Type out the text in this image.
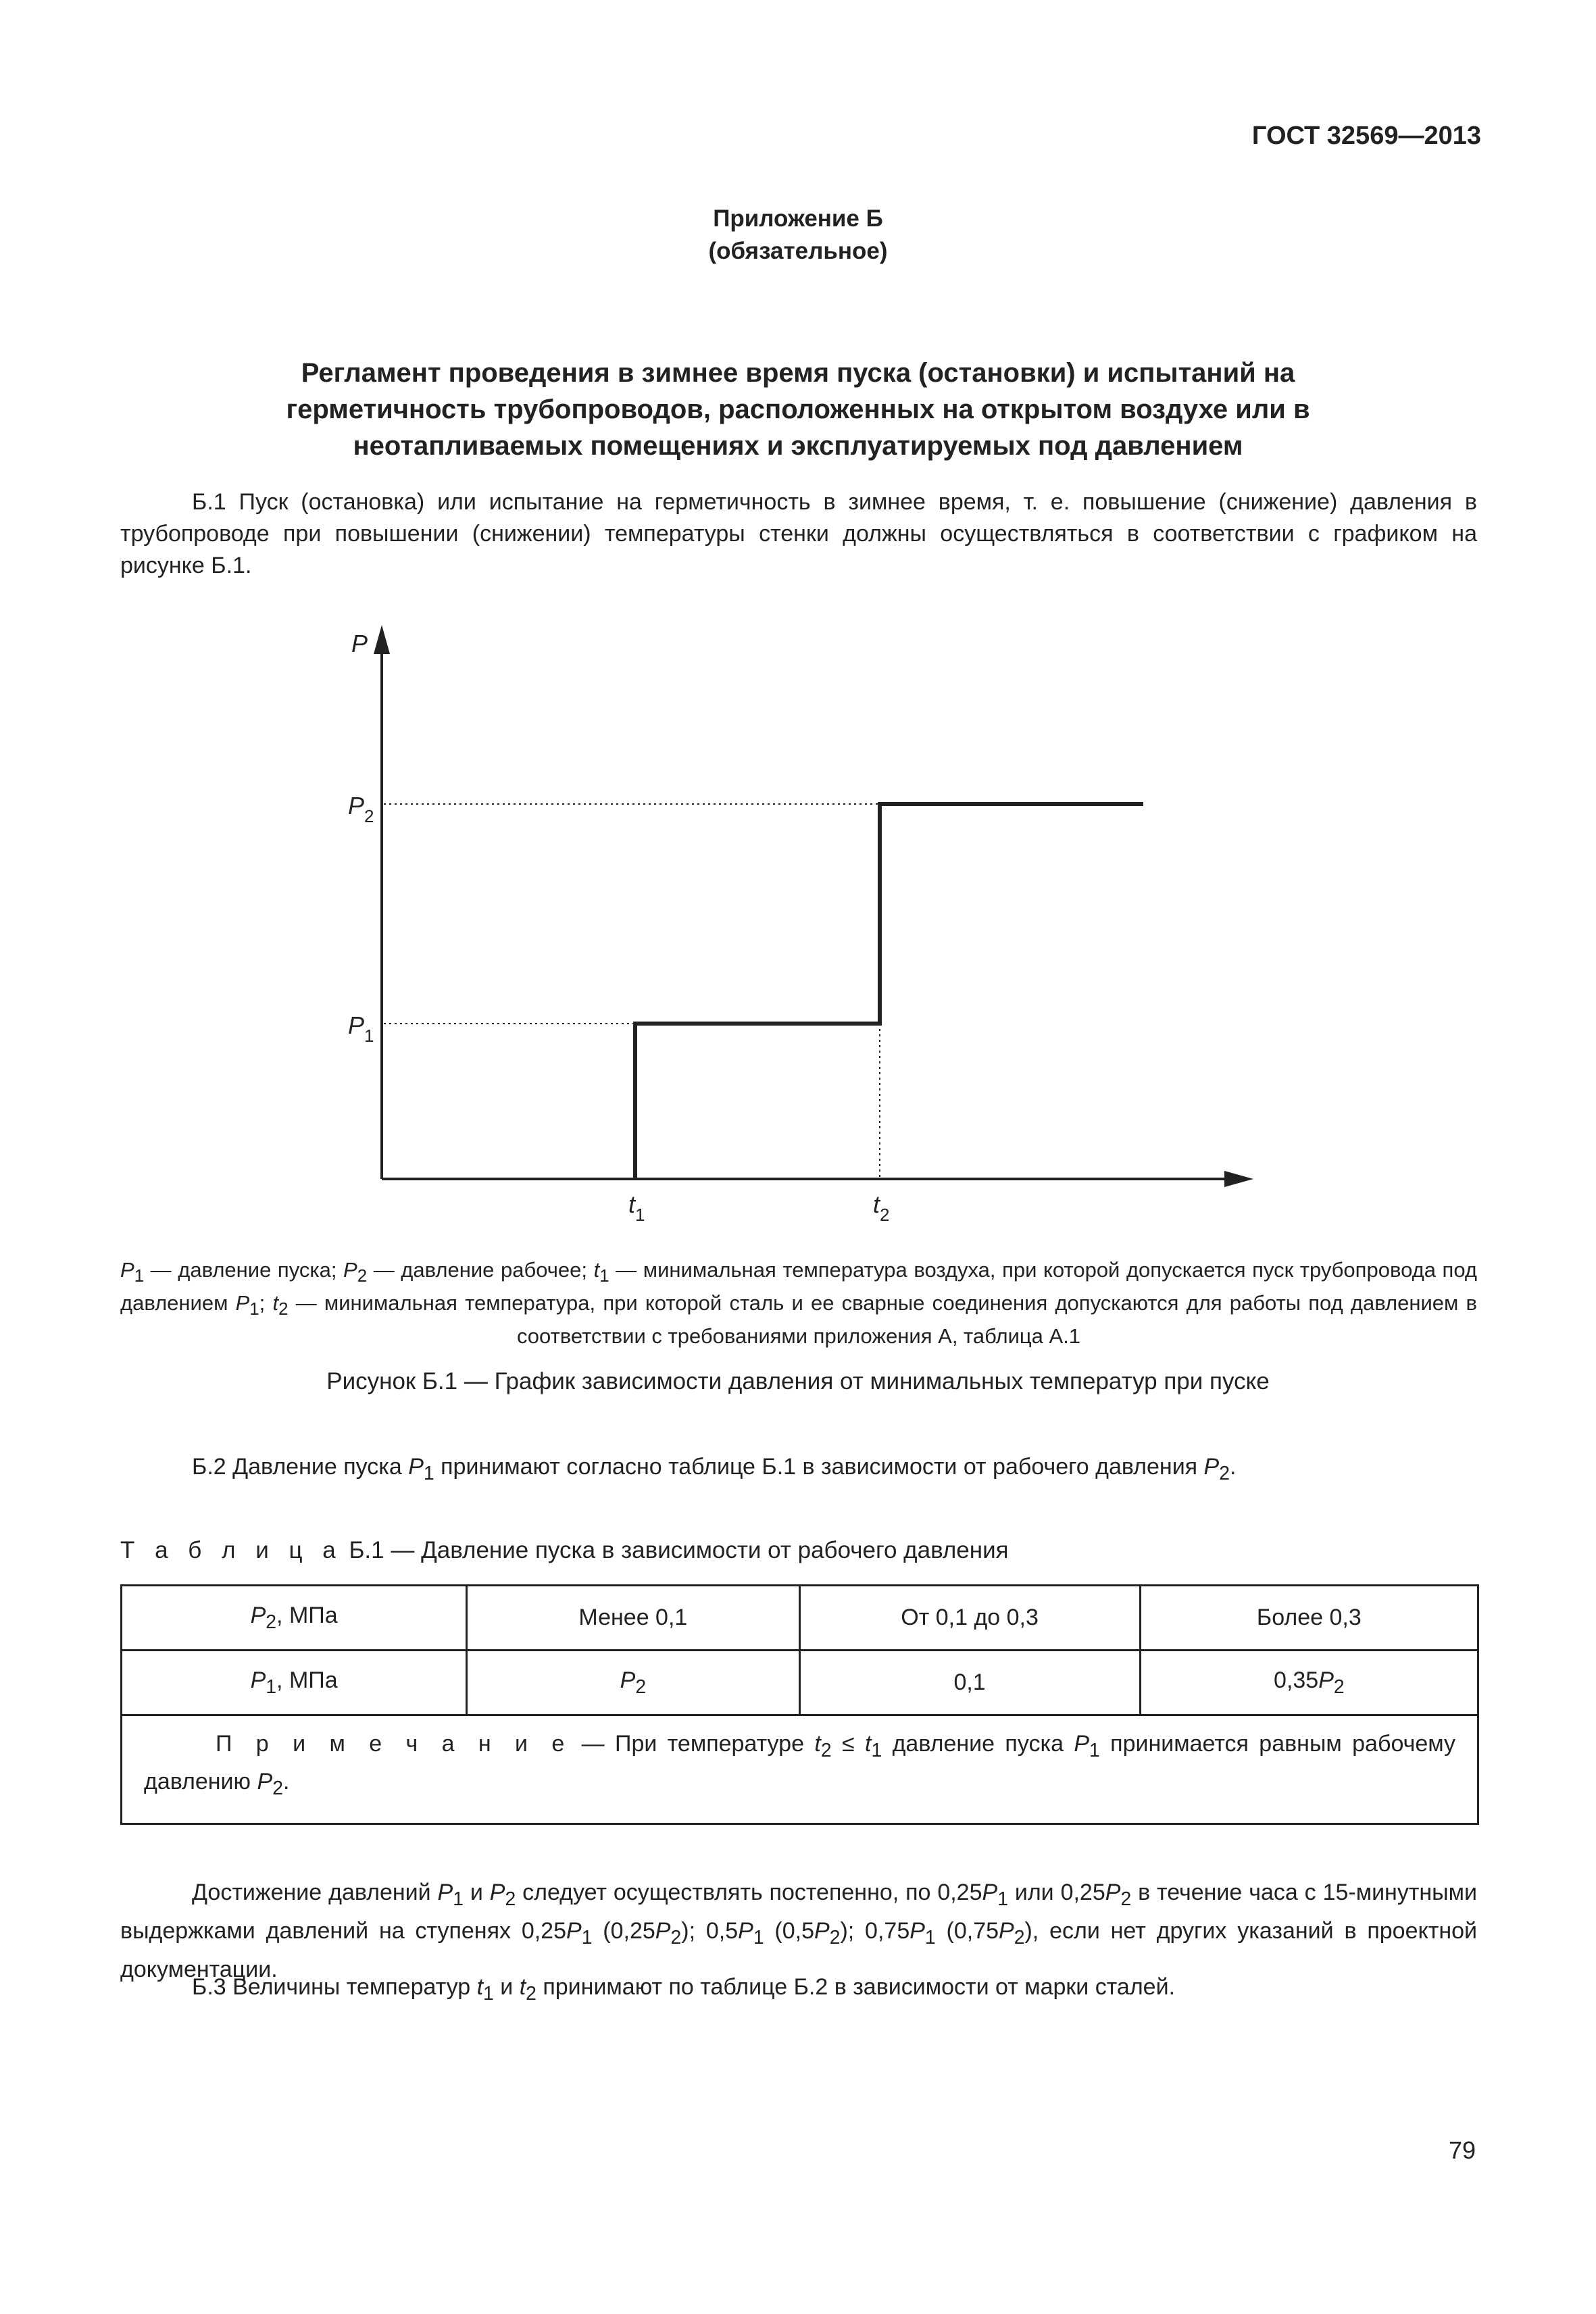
ГОСТ 32569—2013
Приложение Б
(обязательное)
Регламент проведения в зимнее время пуска (остановки) и испытаний на
герметичность трубопроводов, расположенных на открытом воздухе или в
неотапливаемых помещениях и эксплуатируемых под давлением
Б.1 Пуск (остановка) или испытание на герметичность в зимнее время, т. е. повышение (снижение) давления в трубопроводе при повышении (снижении) температуры стенки должны осуществляться в соответствии с графиком на рисунке Б.1.
P
$P_2$
$P_1$
$t_1$	$t_2$
$P_1$ — давление пуска; $P_2$ — давление рабочее; $t_1$ — минимальная температура воздуха, при которой допускается пуск трубопровода под давлением $P_1$; $t_2$ — минимальная температура, при которой сталь и ее сварные соединения допускаются для работы под давлением в соответствии с требованиями приложения А, таблица А.1
Рисунок Б.1 — График зависимости давления от минимальных температур при пуске
Б.2 Давление пуска $P_1$ принимают согласно таблице Б.1 в зависимости от рабочего давления $P_2$.
Т а б л и ц а Б.1 — Давление пуска в зависимости от рабочего давления
$P_2$, МПа	Менее 0,1	От 0,1 до 0,3	Более 0,3
$P_1$, МПа	$P_2$	0,1	$0,35P_2$
П р и м е ч а н и е — При температуре $t_2 \le t_1$ давление пуска $P_1$ принимается равным рабочему давлению $P_2$.			
Достижение давлений $P_1$ и $P_2$ следует осуществлять постепенно, по $0,25P_1$ или $0,25P_2$ в течение часа с 15-минутными выдержками давлений на ступенях $0,25P_1$ $(0,25P_2)$; $0,5P_1$ $(0,5P_2)$; $0,75P_1$ $(0,75P_2)$, если нет других указаний в проектной документации.
Б.3 Величины температур $t_1$ и $t_2$ принимают по таблице Б.2 в зависимости от марки сталей.
79
